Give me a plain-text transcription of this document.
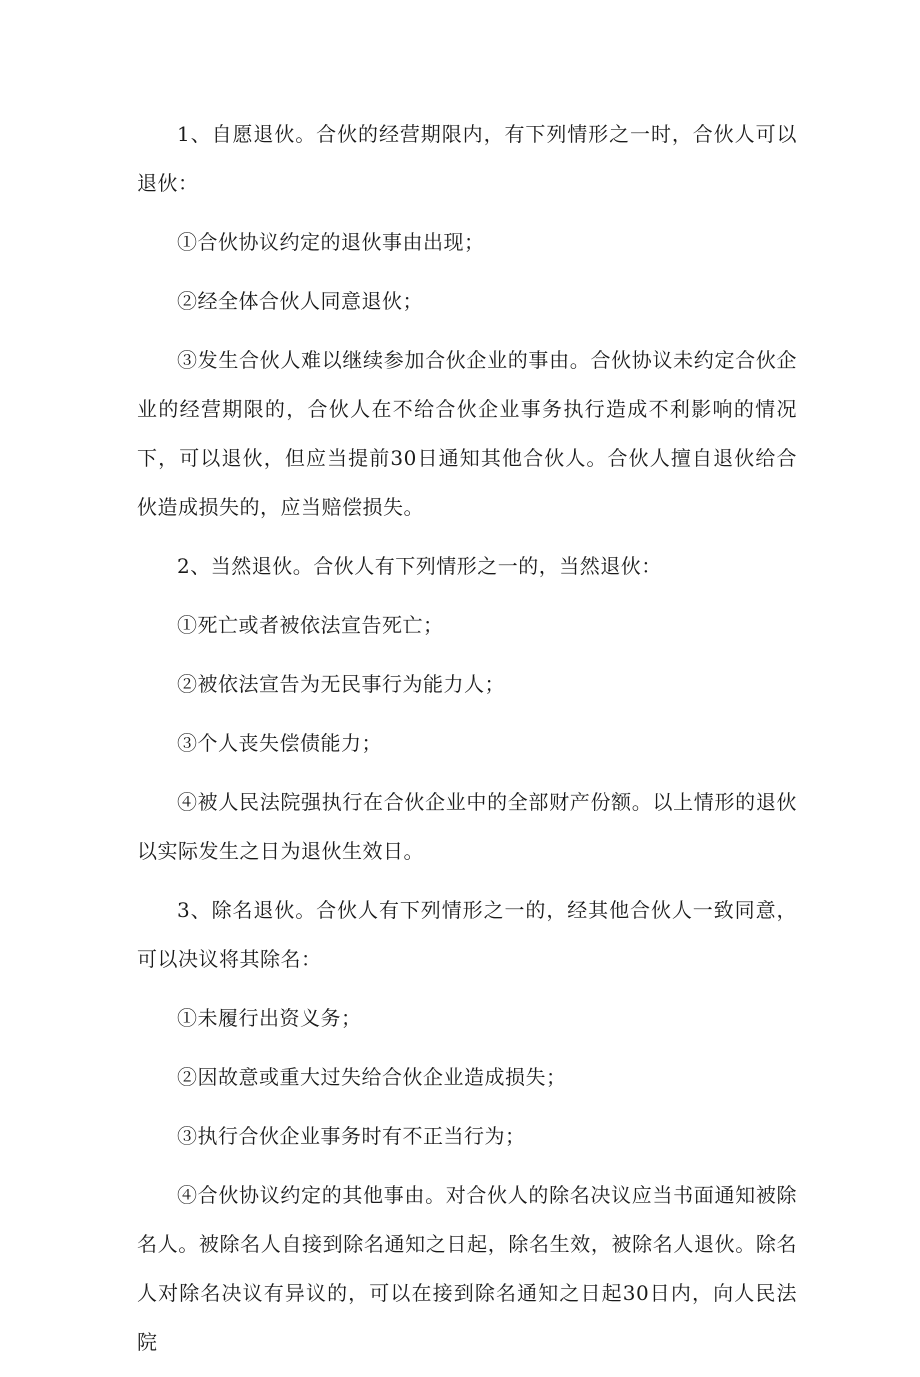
1、自愿退伙。合伙的经营期限内，有下列情形之一时，合伙人可以退伙：

①合伙协议约定的退伙事由出现；

②经全体合伙人同意退伙；

③发生合伙人难以继续参加合伙企业的事由。合伙协议未约定合伙企业的经营期限的，合伙人在不给合伙企业事务执行造成不利影响的情况下，可以退伙，但应当提前30日通知其他合伙人。合伙人擅自退伙给合伙造成损失的，应当赔偿损失。

2、当然退伙。合伙人有下列情形之一的，当然退伙：

①死亡或者被依法宣告死亡；

②被依法宣告为无民事行为能力人；

③个人丧失偿债能力；

④被人民法院强执行在合伙企业中的全部财产份额。以上情形的退伙以实际发生之日为退伙生效日。

3、除名退伙。合伙人有下列情形之一的，经其他合伙人一致同意，可以决议将其除名：

①未履行出资义务；

②因故意或重大过失给合伙企业造成损失；

③执行合伙企业事务时有不正当行为；

④合伙协议约定的其他事由。对合伙人的除名决议应当书面通知被除名人。被除名人自接到除名通知之日起，除名生效，被除名人退伙。除名人对除名决议有异议的，可以在接到除名通知之日起30日内，向人民法院
